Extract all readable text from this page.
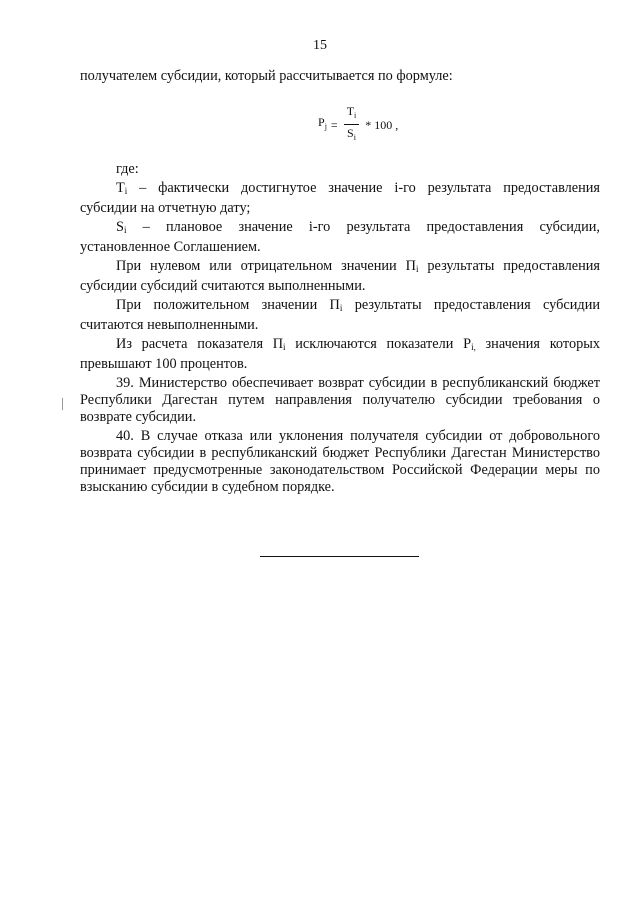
15
получателем субсидии, который рассчитывается по формуле:
$P_j = \frac{T_i}{S_i} * 100$ ,

где:

$T_i$ – фактически достигнутое значение i-го результата предоставления субсидии на отчетную дату;

$S_i$ – плановое значение i-го результата предоставления субсидии, установленное Соглашением.

При нулевом или отрицательном значении $П_i$ результаты предоставления субсидии субсидий считаются выполненными.

При положительном значении $П_i$ результаты предоставления субсидии считаются невыполненными.

Из расчета показателя $П_i$ исключаются показатели $P_{i,}$ значения которых превышают 100 процентов.

39. Министерство обеспечивает возврат субсидии в республиканский бюджет Республики Дагестан путем направления получателю субсидии требования о возврате субсидии.

40. В случае отказа или уклонения получателя субсидии от добровольного возврата субсидии в республиканский бюджет Республики Дагестан Министерство принимает предусмотренные законодательством Российской Федерации меры по взысканию субсидии в судебном порядке.
